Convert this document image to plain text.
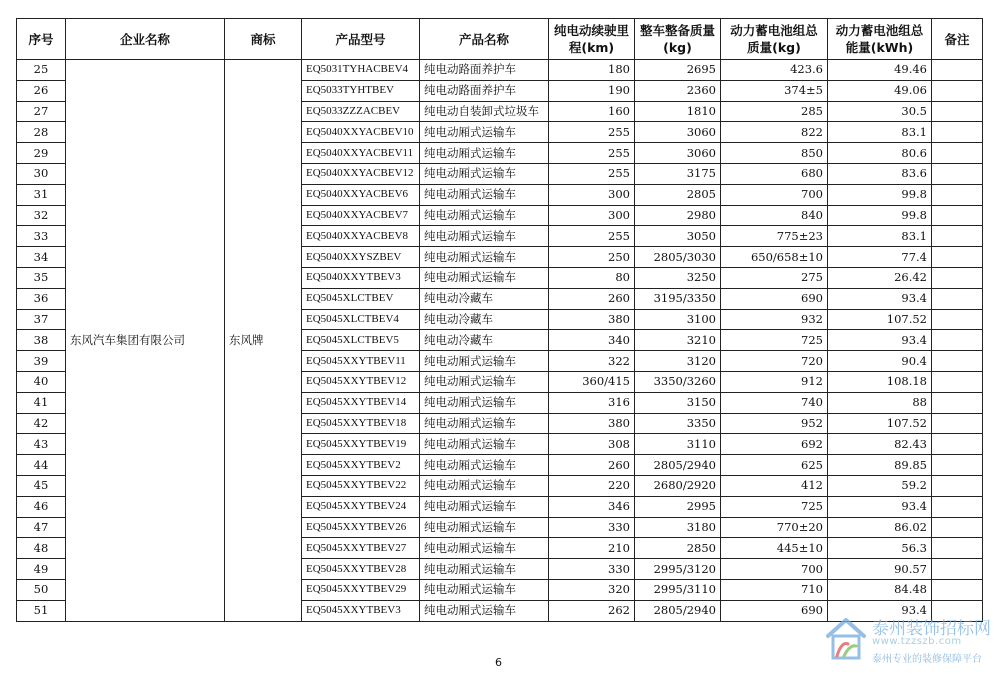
序号	企业名称	商标	产品型号	产品名称	纯电动续驶里程(km)	整车整备质量(kg)	动力蓄电池组总质量(kg)	动力蓄电池组总能量(kWh)	备注
25	东风汽车集团有限公司	东风牌	EQ5031TYHACBEV4	纯电动路面养护车	180	2695	423.6	49.46	
26			EQ5033TYHTBEV	纯电动路面养护车	190	2360	374±5	49.06	
27			EQ5033ZZZACBEV	纯电动自装卸式垃圾车	160	1810	285	30.5	
28			EQ5040XXYACBEV10	纯电动厢式运输车	255	3060	822	83.1	
29			EQ5040XXYACBEV11	纯电动厢式运输车	255	3060	850	80.6	
30			EQ5040XXYACBEV12	纯电动厢式运输车	255	3175	680	83.6	
31			EQ5040XXYACBEV6	纯电动厢式运输车	300	2805	700	99.8	
32			EQ5040XXYACBEV7	纯电动厢式运输车	300	2980	840	99.8	
33			EQ5040XXYACBEV8	纯电动厢式运输车	255	3050	775±23	83.1	
34			EQ5040XXYSZBEV	纯电动厢式运输车	250	2805/3030	650/658±10	77.4	
35			EQ5040XXYTBEV3	纯电动厢式运输车	80	3250	275	26.42	
36			EQ5045XLCTBEV	纯电动冷藏车	260	3195/3350	690	93.4	
37			EQ5045XLCTBEV4	纯电动冷藏车	380	3100	932	107.52	
38			EQ5045XLCTBEV5	纯电动冷藏车	340	3210	725	93.4	
39			EQ5045XXYTBEV11	纯电动厢式运输车	322	3120	720	90.4	
40			EQ5045XXYTBEV12	纯电动厢式运输车	360/415	3350/3260	912	108.18	
41			EQ5045XXYTBEV14	纯电动厢式运输车	316	3150	740	88	
42			EQ5045XXYTBEV18	纯电动厢式运输车	380	3350	952	107.52	
43			EQ5045XXYTBEV19	纯电动厢式运输车	308	3110	692	82.43	
44			EQ5045XXYTBEV2	纯电动厢式运输车	260	2805/2940	625	89.85	
45			EQ5045XXYTBEV22	纯电动厢式运输车	220	2680/2920	412	59.2	
46			EQ5045XXYTBEV24	纯电动厢式运输车	346	2995	725	93.4	
47			EQ5045XXYTBEV26	纯电动厢式运输车	330	3180	770±20	86.02	
48			EQ5045XXYTBEV27	纯电动厢式运输车	210	2850	445±10	56.3	
49			EQ5045XXYTBEV28	纯电动厢式运输车	330	2995/3120	700	90.57	
50			EQ5045XXYTBEV29	纯电动厢式运输车	320	2995/3110	710	84.48	
51			EQ5045XXYTBEV3	纯电动厢式运输车	262	2805/2940	690	93.4	
6
泰州装饰招标网
www.tzzszb.com
泰州专业的装修保障平台
